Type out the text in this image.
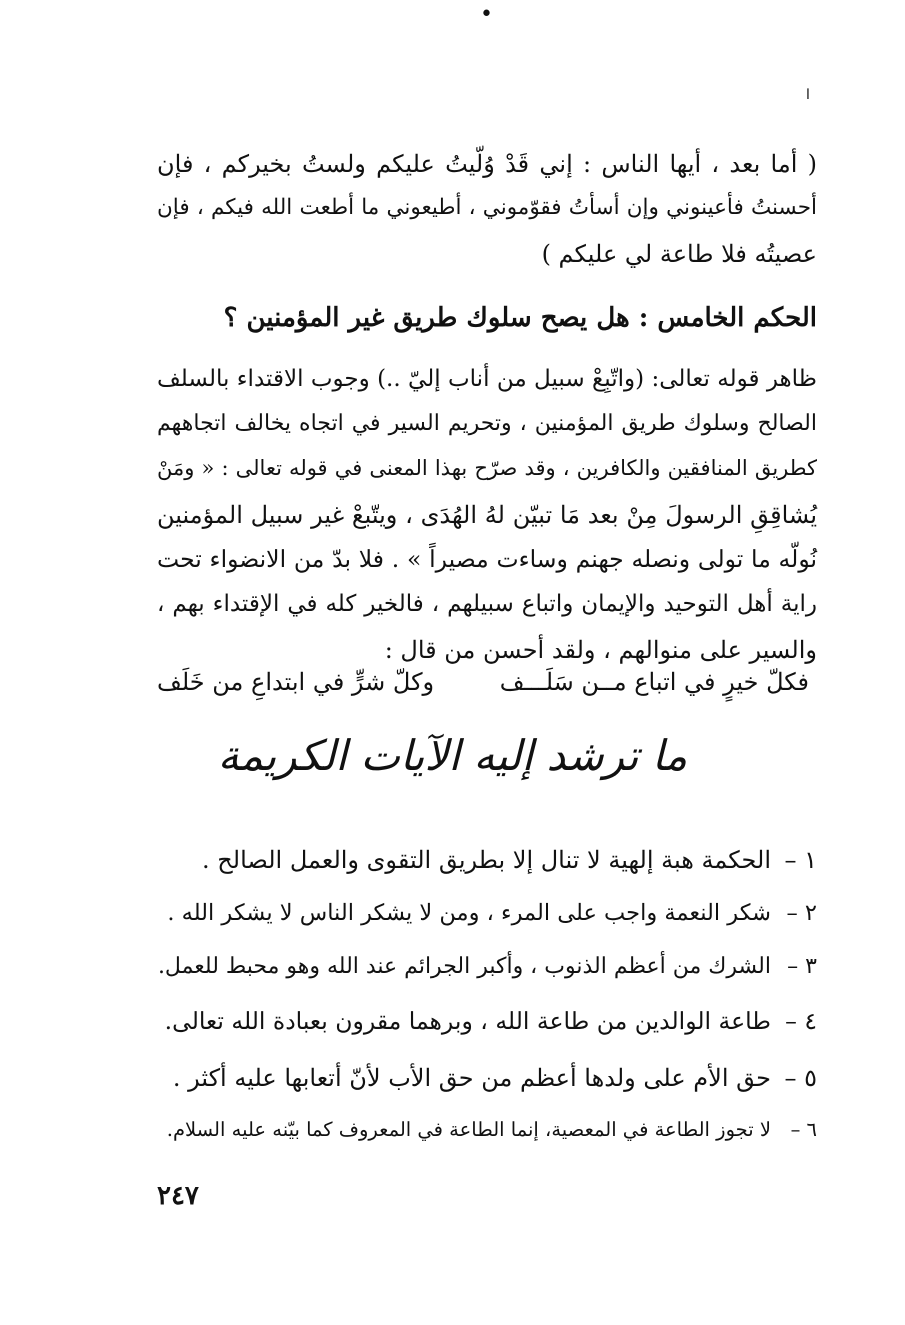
•
ا
( أما بعد ، أيها الناس : إني قَدْ وُلّيتُ عليكم ولستُ بخيركم ، فإن
أحسنتُ فأعينوني وإن أسأتُ فقوّموني ، أطيعوني ما أطعت الله فيكم ، فإن
عصيتُه فلا طاعة لي عليكم )
الحكم الخامس : هل يصح سلوك طريق غير المؤمنين ؟
ظاهر قوله تعالى: (واتّبِعْ سبيل من أناب إليّ ..) وجوب الاقتداء بالسلف
الصالح وسلوك طريق المؤمنين ، وتحريم السير في اتجاه يخالف اتجاههم
كطريق المنافقين والكافرين ، وقد صرّح بهذا المعنى في قوله تعالى : « ومَنْ
يُشاقِقِ الرسولَ مِنْ بعد مَا تبيّن لهُ الهُدَى ، ويتّبعْ غير سبيل المؤمنين
نُولّه ما تولى ونصله جهنم وساءت مصيراً » . فلا بدّ من الانضواء تحت
راية أهل التوحيد والإيمان واتباع سبيلهم ، فالخير كله في الإقتداء بهم ،
والسير على منوالهم ، ولقد أحسن من قال :
فكلّ خيرٍ في اتباع مــن سَلَـــف
وكلّ شرٍّ في ابتداعِ من خَلَف
ما ترشد إليه الآيات الكريمة
١ –الحكمة هبة إلهية لا تنال إلا بطريق التقوى والعمل الصالح .
٢ –شكر النعمة واجب على المرء ، ومن لا يشكر الناس لا يشكر الله .
٣ –الشرك من أعظم الذنوب ، وأكبر الجرائم عند الله وهو محبط للعمل.
٤ –طاعة الوالدين من طاعة الله ، وبرهما مقرون بعبادة الله تعالى.
٥ –حق الأم على ولدها أعظم من حق الأب لأنّ أتعابها عليه أكثر .
٦ –لا تجوز الطاعة في المعصية، إنما الطاعة في المعروف كما بيّنه عليه السلام.
٢٤٧
